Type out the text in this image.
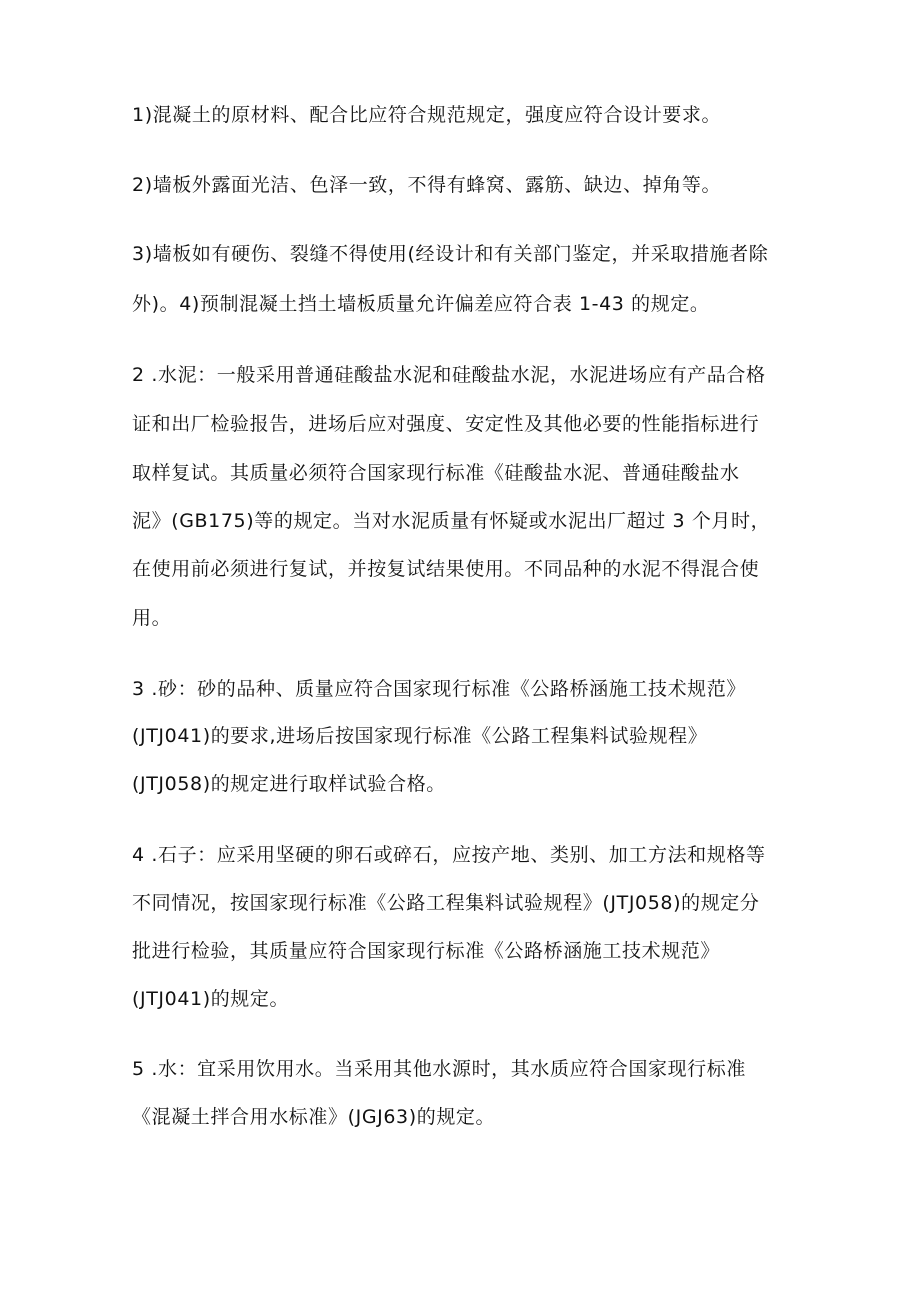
1)混凝土的原材料、配合比应符合规范规定，强度应符合设计要求。
2)墙板外露面光洁、色泽一致，不得有蜂窝、露筋、缺边、掉角等。
3)墙板如有硬伤、裂缝不得使用(经设计和有关部门鉴定，并采取措施者除
外)。4)预制混凝土挡土墙板质量允许偏差应符合表 1-43 的规定。
2 .水泥：一般采用普通硅酸盐水泥和硅酸盐水泥，水泥进场应有产品合格
证和出厂检验报告，进场后应对强度、安定性及其他必要的性能指标进行
取样复试。其质量必须符合国家现行标准《硅酸盐水泥、普通硅酸盐水
泥》(GB175)等的规定。当对水泥质量有怀疑或水泥出厂超过 3 个月时，
在使用前必须进行复试，并按复试结果使用。不同品种的水泥不得混合使
用。
3 .砂：砂的品种、质量应符合国家现行标准《公路桥涵施工技术规范》
(JTJ041)的要求,进场后按国家现行标准《公路工程集料试验规程》
(JTJ058)的规定进行取样试验合格。
4 .石子：应采用坚硬的卵石或碎石，应按产地、类别、加工方法和规格等
不同情况，按国家现行标准《公路工程集料试验规程》(JTJ058)的规定分
批进行检验，其质量应符合国家现行标准《公路桥涵施工技术规范》
(JTJ041)的规定。
5 .水：宜采用饮用水。当采用其他水源时，其水质应符合国家现行标准
《混凝土拌合用水标准》(JGJ63)的规定。
